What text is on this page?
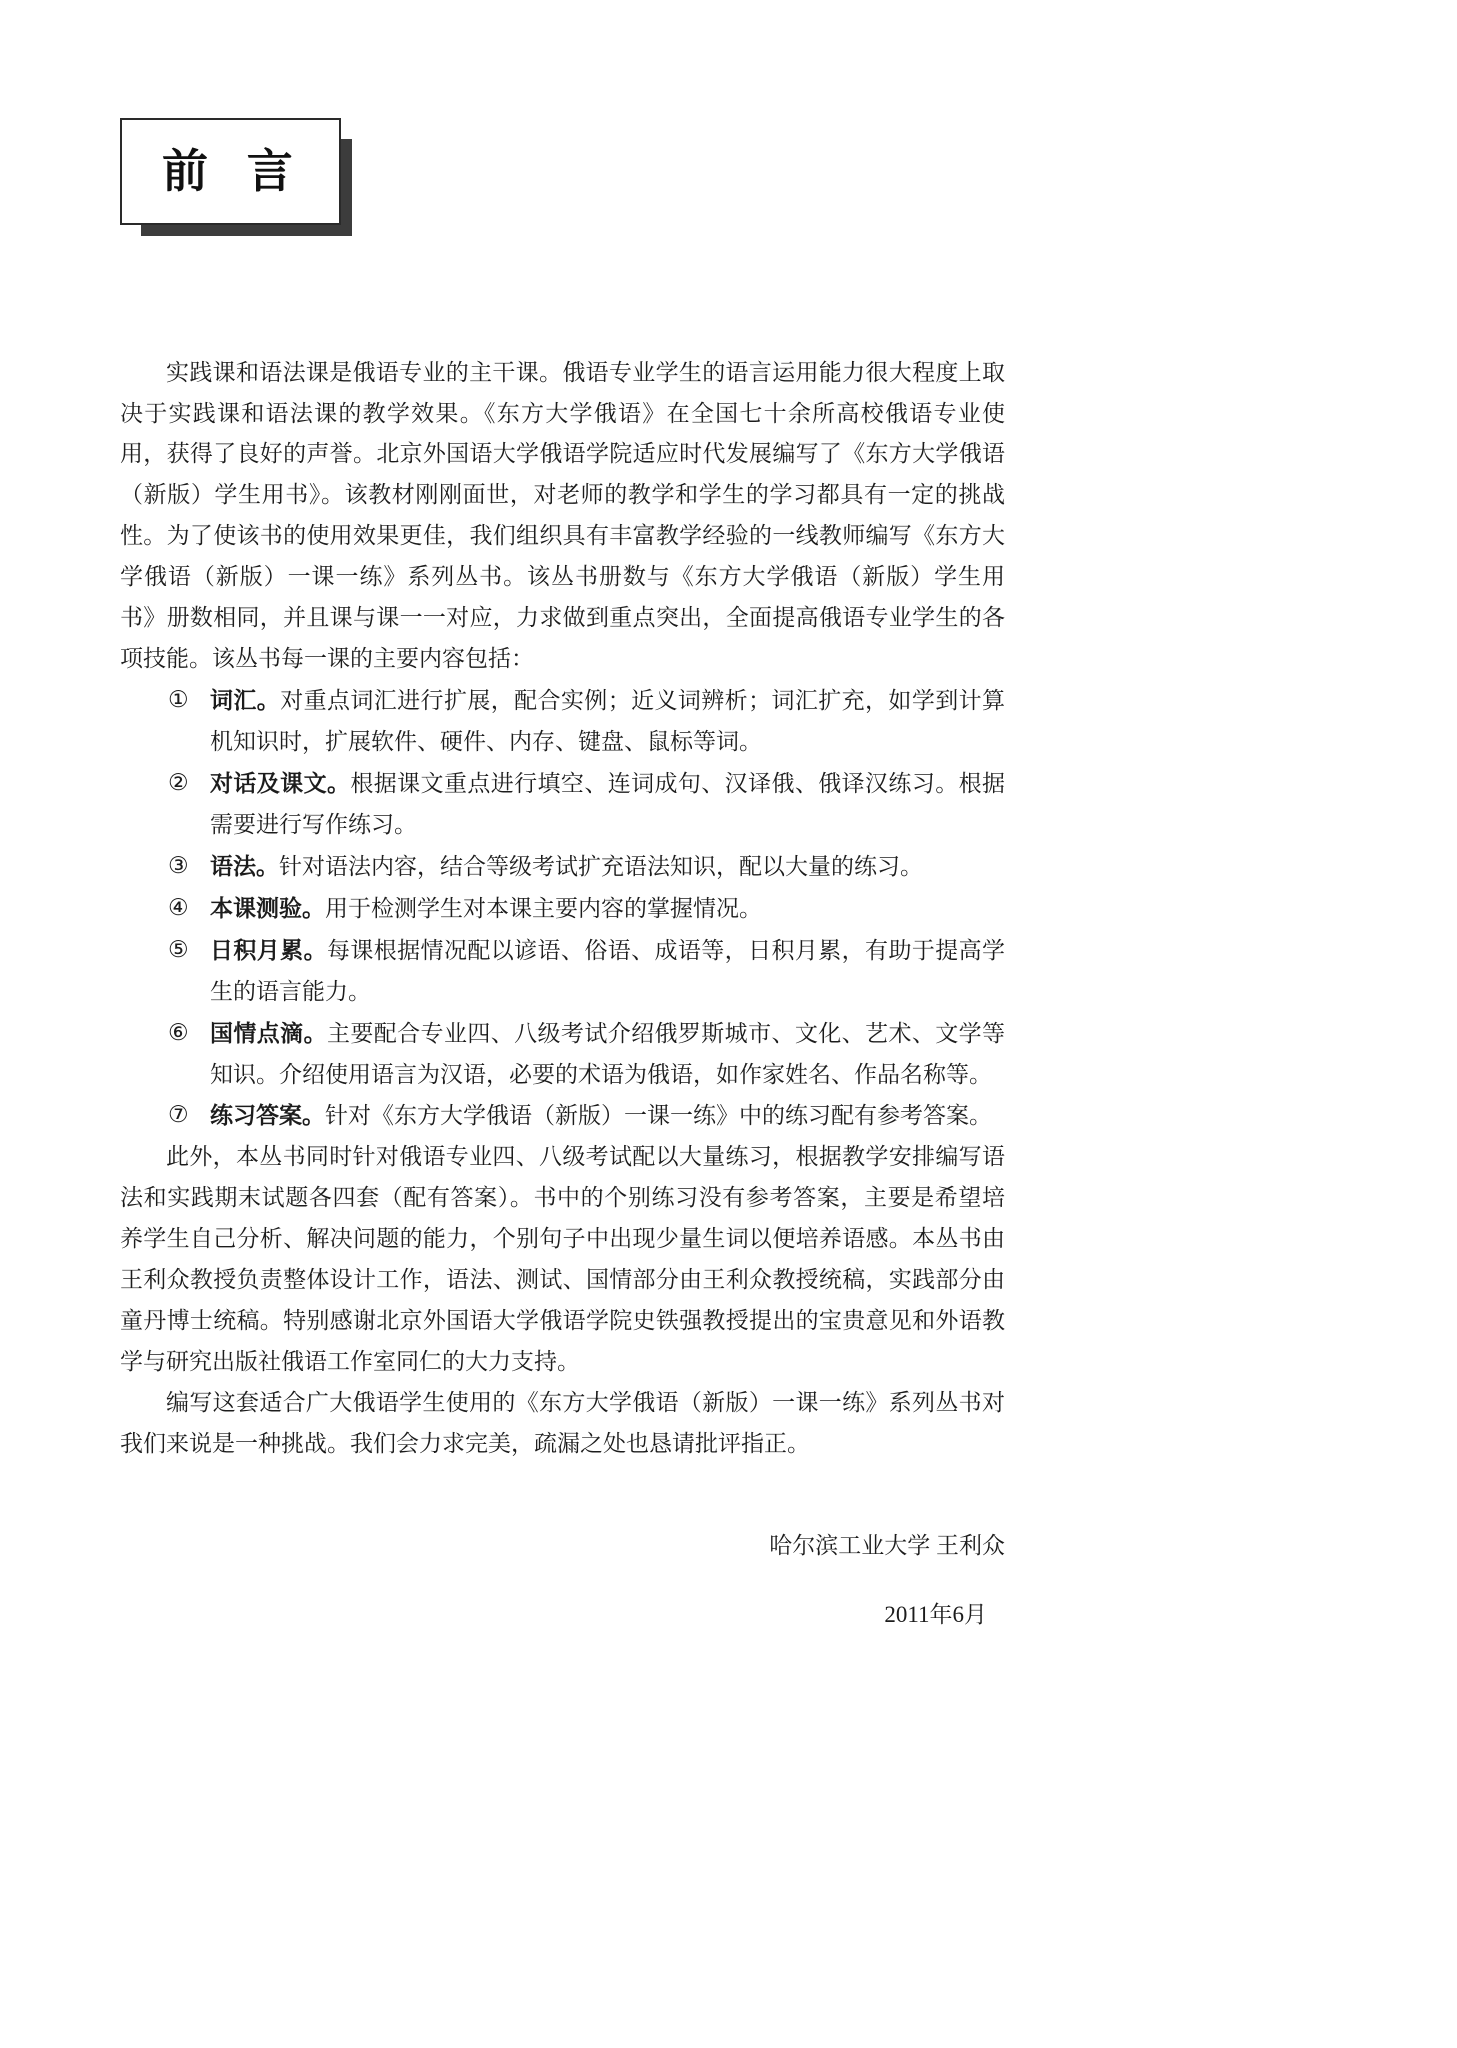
前 言

实践课和语法课是俄语专业的主干课。俄语专业学生的语言运用能力很大程度上取决于实践课和语法课的教学效果。《东方大学俄语》在全国七十余所高校俄语专业使用，获得了良好的声誉。北京外国语大学俄语学院适应时代发展编写了《东方大学俄语（新版）学生用书》。该教材刚刚面世，对老师的教学和学生的学习都具有一定的挑战性。为了使该书的使用效果更佳，我们组织具有丰富教学经验的一线教师编写《东方大学俄语（新版）一课一练》系列丛书。该丛书册数与《东方大学俄语（新版）学生用书》册数相同，并且课与课一一对应，力求做到重点突出，全面提高俄语专业学生的各项技能。该丛书每一课的主要内容包括：

① 词汇。对重点词汇进行扩展，配合实例；近义词辨析；词汇扩充，如学到计算机知识时，扩展软件、硬件、内存、键盘、鼠标等词。
② 对话及课文。根据课文重点进行填空、连词成句、汉译俄、俄译汉练习。根据需要进行写作练习。
③ 语法。针对语法内容，结合等级考试扩充语法知识，配以大量的练习。
④ 本课测验。用于检测学生对本课主要内容的掌握情况。
⑤ 日积月累。每课根据情况配以谚语、俗语、成语等，日积月累，有助于提高学生的语言能力。
⑥ 国情点滴。主要配合专业四、八级考试介绍俄罗斯城市、文化、艺术、文学等知识。介绍使用语言为汉语，必要的术语为俄语，如作家姓名、作品名称等。
⑦ 练习答案。针对《东方大学俄语（新版）一课一练》中的练习配有参考答案。

此外，本丛书同时针对俄语专业四、八级考试配以大量练习，根据教学安排编写语法和实践期末试题各四套（配有答案）。书中的个别练习没有参考答案，主要是希望培养学生自己分析、解决问题的能力，个别句子中出现少量生词以便培养语感。本丛书由王利众教授负责整体设计工作，语法、测试、国情部分由王利众教授统稿，实践部分由童丹博士统稿。特别感谢北京外国语大学俄语学院史铁强教授提出的宝贵意见和外语教学与研究出版社俄语工作室同仁的大力支持。

编写这套适合广大俄语学生使用的《东方大学俄语（新版）一课一练》系列丛书对我们来说是一种挑战。我们会力求完美，疏漏之处也恳请批评指正。

哈尔滨工业大学 王利众

2011年6月
